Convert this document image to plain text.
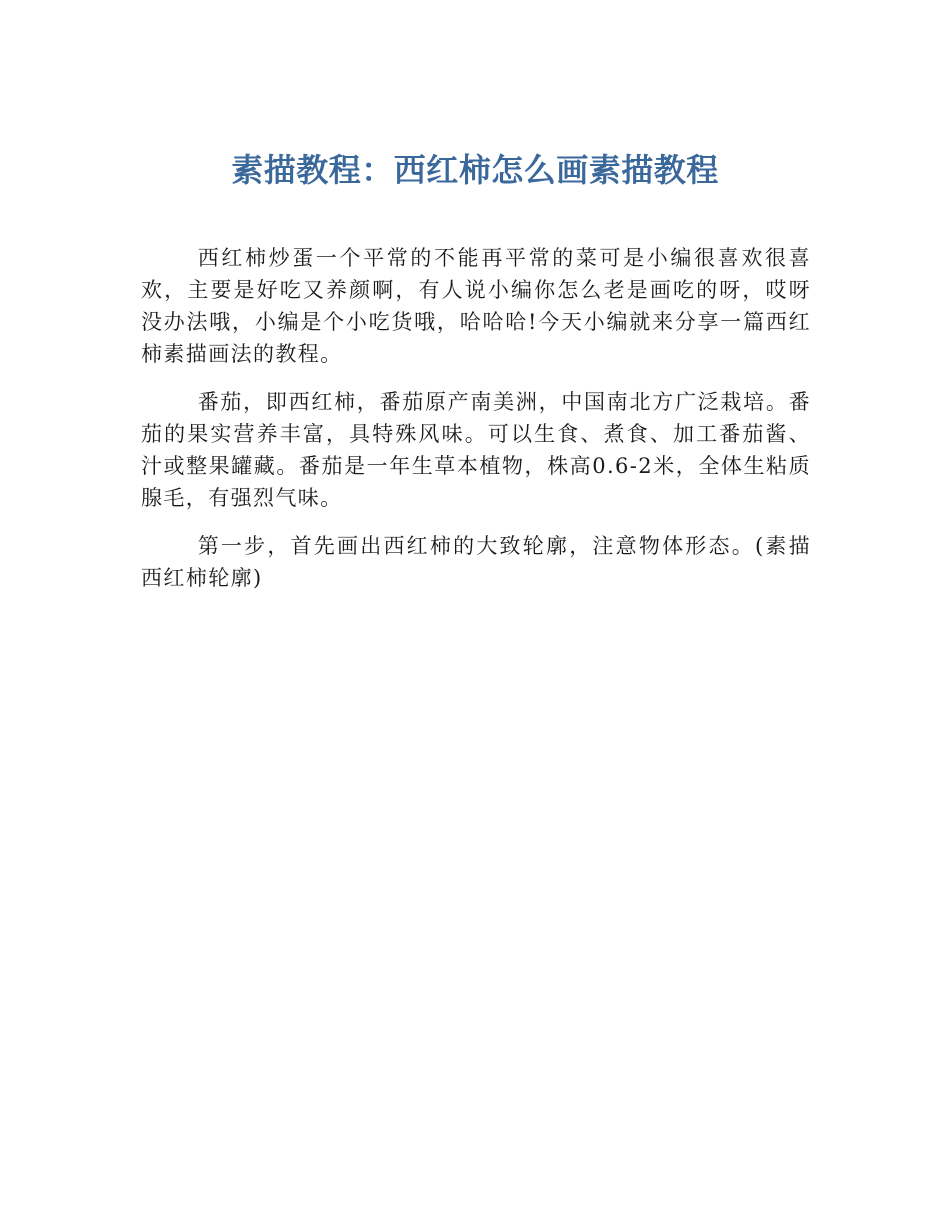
素描教程：西红柿怎么画素描教程

西红柿炒蛋一个平常的不能再平常的菜可是小编很喜欢很喜欢，主要是好吃又养颜啊，有人说小编你怎么老是画吃的呀，哎呀没办法哦，小编是个小吃货哦，哈哈哈!今天小编就来分享一篇西红柿素描画法的教程。

番茄，即西红柿，番茄原产南美洲，中国南北方广泛栽培。番茄的果实营养丰富，具特殊风味。可以生食、煮食、加工番茄酱、汁或整果罐藏。番茄是一年生草本植物，株高0.6-2米，全体生粘质腺毛，有强烈气味。

第一步，首先画出西红柿的大致轮廓，注意物体形态。(素描西红柿轮廓)
